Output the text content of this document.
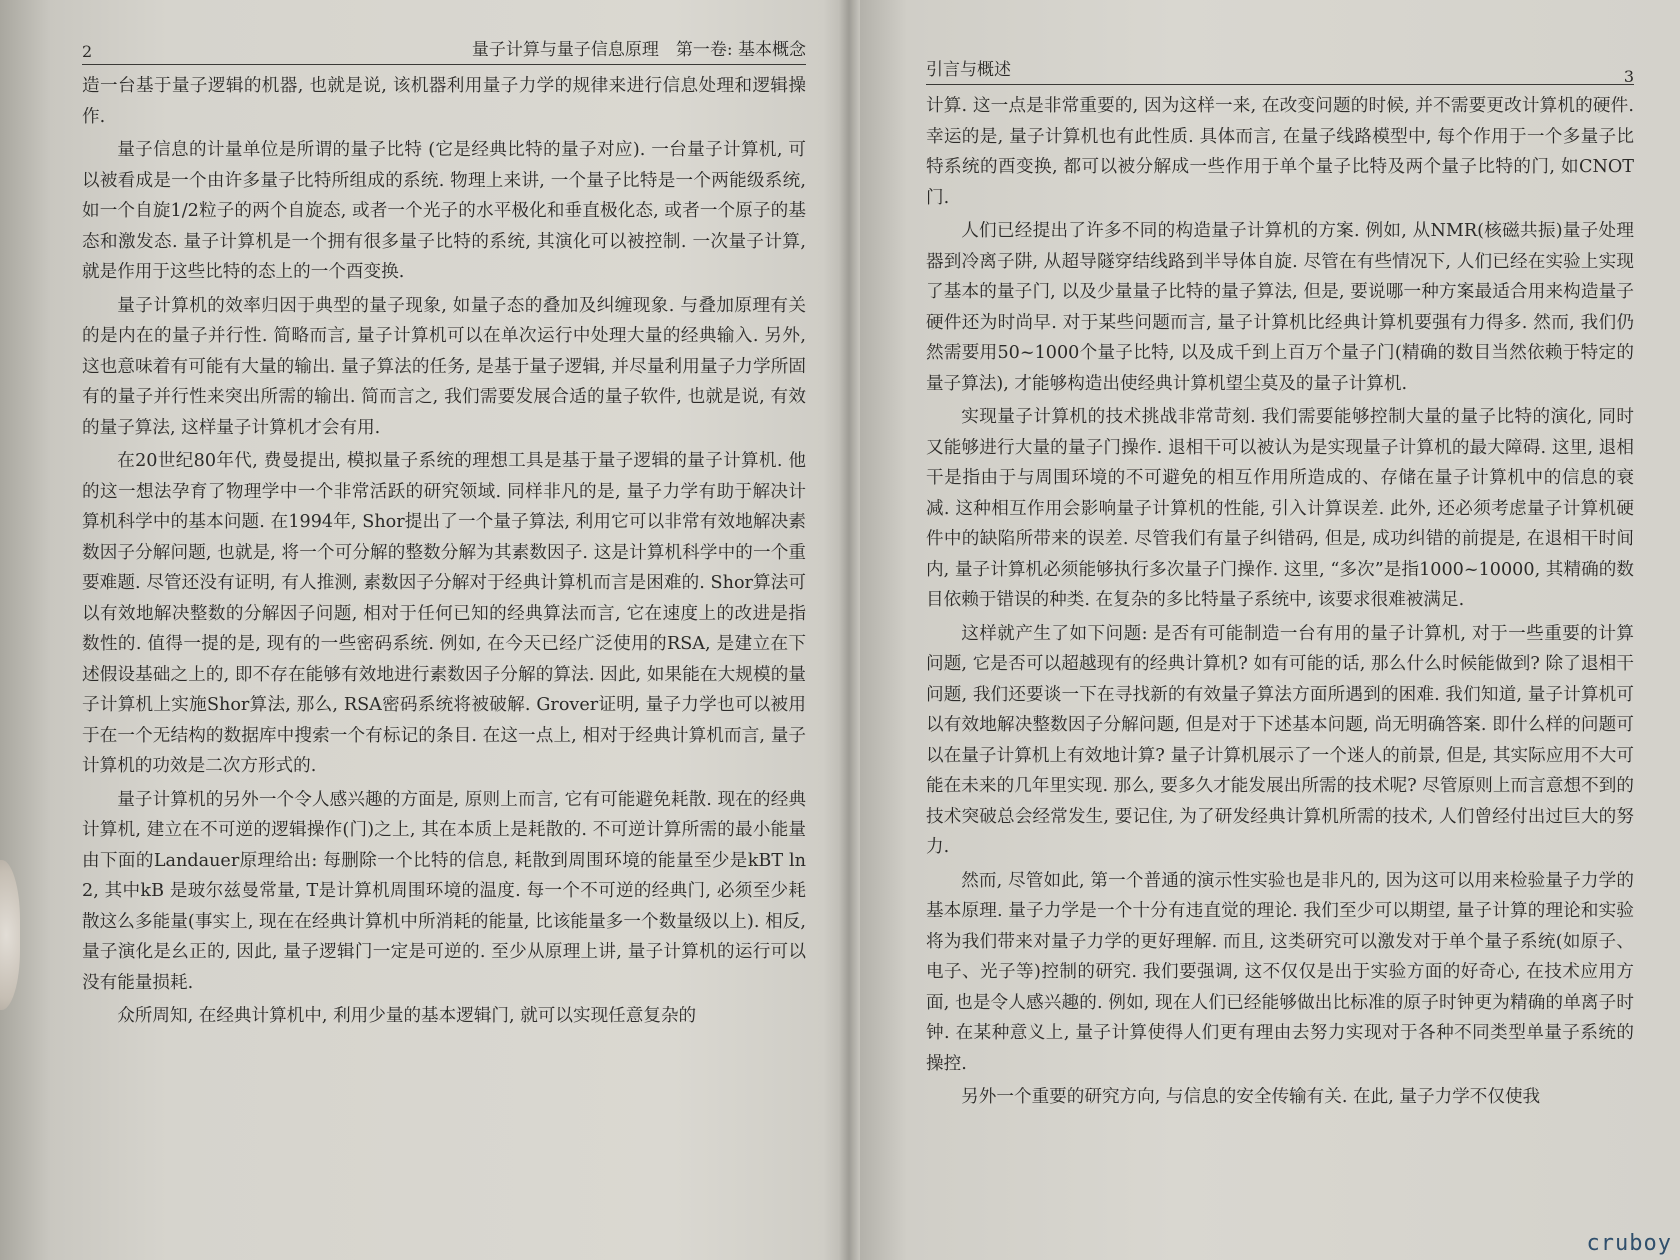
2	量子计算与量子信息原理　第一卷: 基本概念

造一台基于量子逻辑的机器, 也就是说, 该机器利用量子力学的规律来进行信息处理和逻辑操作.

量子信息的计量单位是所谓的量子比特 (它是经典比特的量子对应). 一台量子计算机, 可以被看成是一个由许多量子比特所组成的系统. 物理上来讲, 一个量子比特是一个两能级系统, 如一个自旋1/2粒子的两个自旋态, 或者一个光子的水平极化和垂直极化态, 或者一个原子的基态和激发态. 量子计算机是一个拥有很多量子比特的系统, 其演化可以被控制. 一次量子计算, 就是作用于这些比特的态上的一个酉变换.

量子计算机的效率归因于典型的量子现象, 如量子态的叠加及纠缠现象. 与叠加原理有关的是内在的量子并行性. 简略而言, 量子计算机可以在单次运行中处理大量的经典输入. 另外, 这也意味着有可能有大量的输出. 量子算法的任务, 是基于量子逻辑, 并尽量利用量子力学所固有的量子并行性来突出所需的输出. 简而言之, 我们需要发展合适的量子软件, 也就是说, 有效的量子算法, 这样量子计算机才会有用.

在20世纪80年代, 费曼提出, 模拟量子系统的理想工具是基于量子逻辑的量子计算机. 他的这一想法孕育了物理学中一个非常活跃的研究领域. 同样非凡的是, 量子力学有助于解决计算机科学中的基本问题. 在1994年, Shor提出了一个量子算法, 利用它可以非常有效地解决素数因子分解问题, 也就是, 将一个可分解的整数分解为其素数因子. 这是计算机科学中的一个重要难题. 尽管还没有证明, 有人推测, 素数因子分解对于经典计算机而言是困难的. Shor算法可以有效地解决整数的分解因子问题, 相对于任何已知的经典算法而言, 它在速度上的改进是指数性的. 值得一提的是, 现有的一些密码系统. 例如, 在今天已经广泛使用的RSA, 是建立在下述假设基础之上的, 即不存在能够有效地进行素数因子分解的算法. 因此, 如果能在大规模的量子计算机上实施Shor算法, 那么, RSA密码系统将被破解. Grover证明, 量子力学也可以被用于在一个无结构的数据库中搜索一个有标记的条目. 在这一点上, 相对于经典计算机而言, 量子计算机的功效是二次方形式的.

量子计算机的另外一个令人感兴趣的方面是, 原则上而言, 它有可能避免耗散. 现在的经典计算机, 建立在不可逆的逻辑操作(门)之上, 其在本质上是耗散的. 不可逆计算所需的最小能量由下面的Landauer原理给出: 每删除一个比特的信息, 耗散到周围环境的能量至少是kBT ln 2, 其中kB 是玻尔兹曼常量, T是计算机周围环境的温度. 每一个不可逆的经典门, 必须至少耗散这么多能量(事实上, 现在在经典计算机中所消耗的能量, 比该能量多一个数量级以上). 相反, 量子演化是幺正的, 因此, 量子逻辑门一定是可逆的. 至少从原理上讲, 量子计算机的运行可以没有能量损耗.

众所周知, 在经典计算机中, 利用少量的基本逻辑门, 就可以实现任意复杂的

引言与概述	3

计算. 这一点是非常重要的, 因为这样一来, 在改变问题的时候, 并不需要更改计算机的硬件. 幸运的是, 量子计算机也有此性质. 具体而言, 在量子线路模型中, 每个作用于一个多量子比特系统的酉变换, 都可以被分解成一些作用于单个量子比特及两个量子比特的门, 如CNOT门.

人们已经提出了许多不同的构造量子计算机的方案. 例如, 从NMR(核磁共振)量子处理器到冷离子阱, 从超导隧穿结线路到半导体自旋. 尽管在有些情况下, 人们已经在实验上实现了基本的量子门, 以及少量量子比特的量子算法, 但是, 要说哪一种方案最适合用来构造量子硬件还为时尚早. 对于某些问题而言, 量子计算机比经典计算机要强有力得多. 然而, 我们仍然需要用50~1000个量子比特, 以及成千到上百万个量子门(精确的数目当然依赖于特定的量子算法), 才能够构造出使经典计算机望尘莫及的量子计算机.

实现量子计算机的技术挑战非常苛刻. 我们需要能够控制大量的量子比特的演化, 同时又能够进行大量的量子门操作. 退相干可以被认为是实现量子计算机的最大障碍. 这里, 退相干是指由于与周围环境的不可避免的相互作用所造成的、存储在量子计算机中的信息的衰减. 这种相互作用会影响量子计算机的性能, 引入计算误差. 此外, 还必须考虑量子计算机硬件中的缺陷所带来的误差. 尽管我们有量子纠错码, 但是, 成功纠错的前提是, 在退相干时间内, 量子计算机必须能够执行多次量子门操作. 这里, “多次”是指1000~10000, 其精确的数目依赖于错误的种类. 在复杂的多比特量子系统中, 该要求很难被满足.

这样就产生了如下问题: 是否有可能制造一台有用的量子计算机, 对于一些重要的计算问题, 它是否可以超越现有的经典计算机? 如有可能的话, 那么什么时候能做到? 除了退相干问题, 我们还要谈一下在寻找新的有效量子算法方面所遇到的困难. 我们知道, 量子计算机可以有效地解决整数因子分解问题, 但是对于下述基本问题, 尚无明确答案. 即什么样的问题可以在量子计算机上有效地计算? 量子计算机展示了一个迷人的前景, 但是, 其实际应用不大可能在未来的几年里实现. 那么, 要多久才能发展出所需的技术呢? 尽管原则上而言意想不到的技术突破总会经常发生, 要记住, 为了研发经典计算机所需的技术, 人们曾经付出过巨大的努力.

然而, 尽管如此, 第一个普通的演示性实验也是非凡的, 因为这可以用来检验量子力学的基本原理. 量子力学是一个十分有违直觉的理论. 我们至少可以期望, 量子计算的理论和实验将为我们带来对量子力学的更好理解. 而且, 这类研究可以激发对于单个量子系统(如原子、电子、光子等)控制的研究. 我们要强调, 这不仅仅是出于实验方面的好奇心, 在技术应用方面, 也是令人感兴趣的. 例如, 现在人们已经能够做出比标准的原子时钟更为精确的单离子时钟. 在某种意义上, 量子计算使得人们更有理由去努力实现对于各种不同类型单量子系统的操控.

另外一个重要的研究方向, 与信息的安全传输有关. 在此, 量子力学不仅使我

cruboy
